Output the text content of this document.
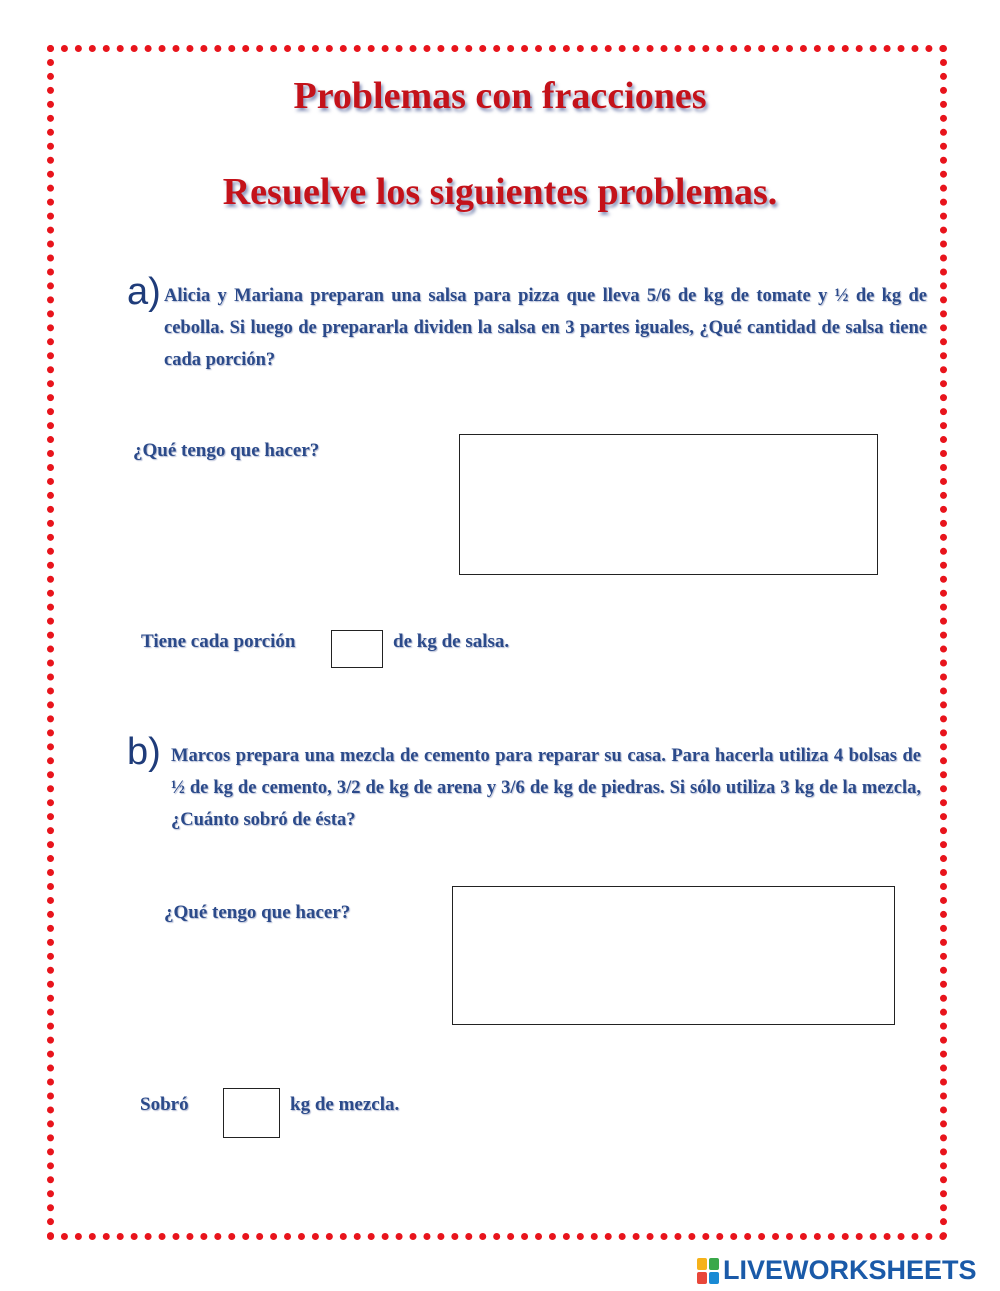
Problemas con fracciones
Resuelve los siguientes problemas.
a) Alicia y Mariana preparan una salsa para pizza que lleva 5/6 de kg de tomate y ½ de kg de cebolla. Si luego de prepararla dividen la salsa en 3 partes iguales, ¿Qué cantidad de salsa tiene cada porción?
¿Qué tengo que hacer?
Tiene cada porción	de kg de salsa.
b) Marcos prepara una mezcla de cemento para reparar su casa. Para hacerla utiliza 4 bolsas de ½ de kg de cemento, 3/2 de kg de arena y 3/6 de kg de piedras. Si sólo utiliza 3 kg de la mezcla, ¿Cuánto sobró de ésta?
¿Qué tengo que hacer?
Sobró	kg de mezcla.
LIVEWORKSHEETS
